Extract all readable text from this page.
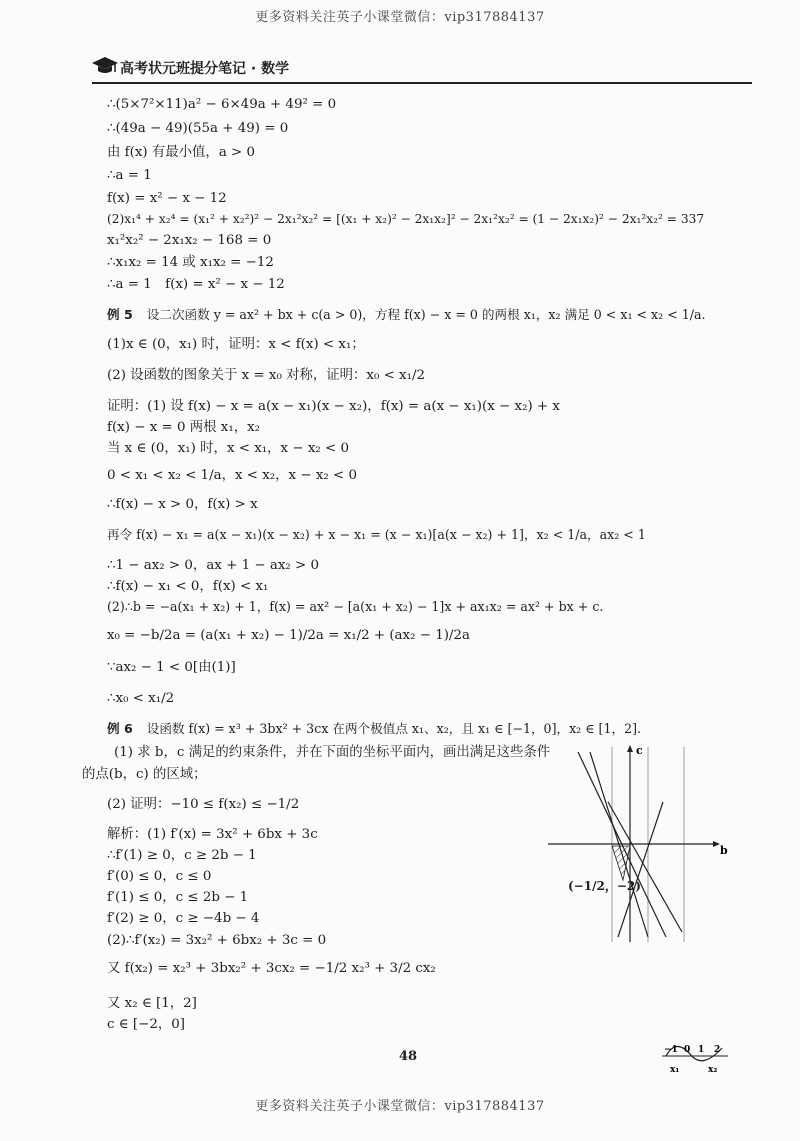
更多资料关注英子小课堂微信：vip317884137
高考状元班提分笔记 · 数学
∴(5×7²×11)a² − 6×49a + 49² = 0
∴(49a − 49)(55a + 49) = 0
由 f(x) 有最小值，a > 0
∴a = 1
f(x) = x² − x − 12
(2)x₁⁴ + x₂⁴ = (x₁² + x₂²)² − 2x₁²x₂² = [(x₁ + x₂)² − 2x₁x₂]² − 2x₁²x₂² = (1 − 2x₁x₂)² − 2x₁²x₂² = 337
x₁²x₂² − 2x₁x₂ − 168 = 0
∴x₁x₂ = 14 或 x₁x₂ = −12
∴a = 1　f(x) = x² − x − 12
例 5 设二次函数 y = ax² + bx + c(a > 0)，方程 f(x) − x = 0 的两根 x₁，x₂ 满足 0 < x₁ < x₂ < 1/a.
(1)x ∈ (0，x₁) 时，证明：x < f(x) < x₁；
(2) 设函数的图象关于 x = x₀ 对称，证明：x₀ < x₁/2
证明：(1) 设 f(x) − x = a(x − x₁)(x − x₂)，f(x) = a(x − x₁)(x − x₂) + x
f(x) − x = 0 两根 x₁，x₂
当 x ∈ (0，x₁) 时，x < x₁，x − x₂ < 0
0 < x₁ < x₂ < 1/a，x < x₂，x − x₂ < 0
∴f(x) − x > 0，f(x) > x
再令 f(x) − x₁ = a(x − x₁)(x − x₂) + x − x₁ = (x − x₁)[a(x − x₂) + 1]，x₂ < 1/a，ax₂ < 1
∴1 − ax₂ > 0，ax + 1 − ax₂ > 0
∴f(x) − x₁ < 0，f(x) < x₁
(2)∴b = −a(x₁ + x₂) + 1，f(x) = ax² − [a(x₁ + x₂) − 1]x + ax₁x₂ = ax² + bx + c.
x₀ = −b/2a = (a(x₁ + x₂) − 1)/2a = x₁/2 + (ax₂ − 1)/2a
∵ax₂ − 1 < 0[由(1)]
∴x₀ < x₁/2
例 6 设函数 f(x) = x³ + 3bx² + 3cx 在两个极值点 x₁、x₂，且 x₁ ∈ [−1，0]，x₂ ∈ [1，2].
(1) 求 b，c 满足的约束条件，并在下面的坐标平面内，画出满足这些条件
的点(b，c) 的区域；
(2) 证明：−10 ≤ f(x₂) ≤ −1/2
解析：(1) f′(x) = 3x² + 6bx + 3c
∴f′(1) ≥ 0，c ≥ 2b − 1
f′(0) ≤ 0，c ≤ 0
f′(1) ≤ 0，c ≤ 2b − 1
f′(2) ≥ 0，c ≥ −4b − 4
(2)∴f′(x₂) = 3x₂² + 6bx₂ + 3c = 0
又 f(x₂) = x₂³ + 3bx₂² + 3cx₂ = −1/2 x₂³ + 3/2 cx₂
又 x₂ ∈ [1，2]
c ∈ [−2，0]
b
c
(−1/2，−2)
−1 0 1 2
x₁	x₂
48
更多资料关注英子小课堂微信：vip317884137
